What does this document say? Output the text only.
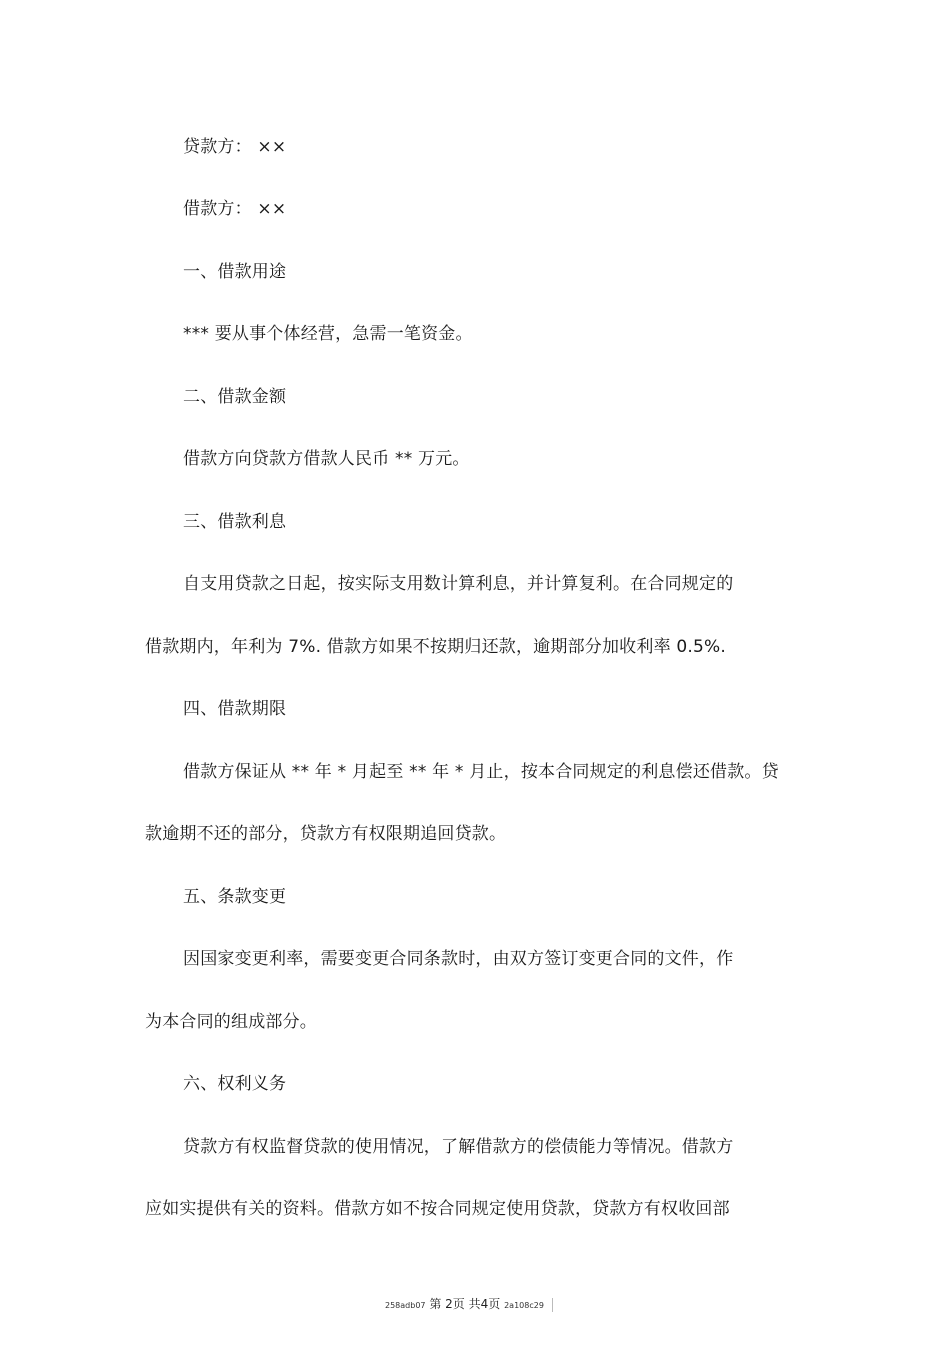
贷款方： ××
借款方： ××
一、借款用途
*** 要从事个体经营，急需一笔资金。
二、借款金额
借款方向贷款方借款人民币 ** 万元。
三、借款利息
自支用贷款之日起，按实际支用数计算利息，并计算复利。在合同规定的
借款期内，年利为 7%. 借款方如果不按期归还款，逾期部分加收利率 0.5%.
四、借款期限
借款方保证从 ** 年 * 月起至 ** 年 * 月止，按本合同规定的利息偿还借款。贷
款逾期不还的部分，贷款方有权限期追回贷款。
五、条款变更
因国家变更利率，需要变更合同条款时，由双方签订变更合同的文件，作
为本合同的组成部分。
六、权利义务
贷款方有权监督贷款的使用情况，了解借款方的偿债能力等情况。借款方
应如实提供有关的资料。借款方如不按合同规定使用贷款，贷款方有权收回部
258adb07 第 2页 共4页 2a108c29
